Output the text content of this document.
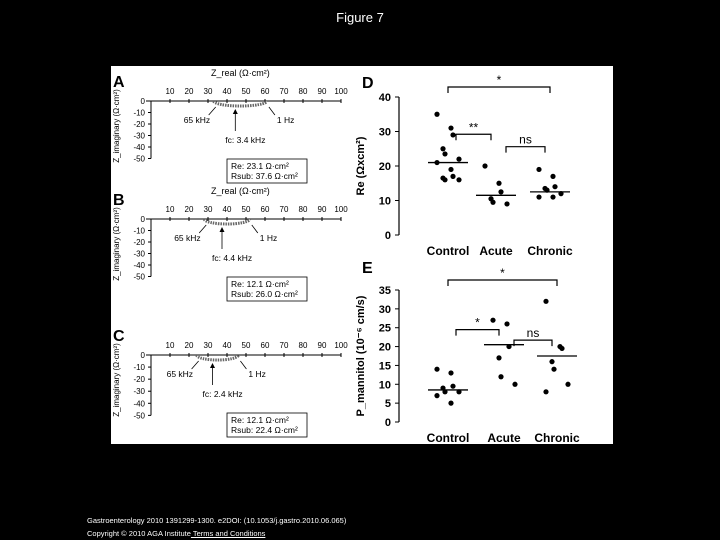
Figure 7
A
Z_real (Ω·cm²)
10 20 30 40 50 60 70 80 90 100
0
-10
-20
-30
-40
-50
Z_imaginary (Ω·cm²)	65 kHz	1 Hz
fc: 3.4 kHz
Re: 23.1 Ω·cm²
Rsub: 37.6 Ω·cm²
B
Z_real (Ω·cm²)
10 20 30 40 50 60 70 80 90 100
0
-10
-20
-30
-40
-50
Z_imaginary (Ω·cm²)	65 kHz	1 Hz
fc: 4.4 kHz
Re: 12.1 Ω·cm²
Rsub: 26.0 Ω·cm²
C
10 20 30 40 50 60 70 80 90 100
0
-10
-20
-30
-40
-50
Z_imaginary (Ω·cm²)	65 kHz	1 Hz
fc: 2.4 kHz
Re: 12.1 Ω·cm²
Rsub: 22.4 Ω·cm²
D
0
10
20
30
40
Re (Ωxcm²)
Control Acute Chronic
*
**
ns
E
0
5
10
15
20
25
30
35
P_mannitol (10⁻⁶ cm/s)
Control Acute Chronic
*
*
ns
Gastroenterology 2010 1391299-1300. e2DOI: (10.1053/j.gastro.2010.06.065)
Copyright © 2010 AGA Institute Terms and Conditions
